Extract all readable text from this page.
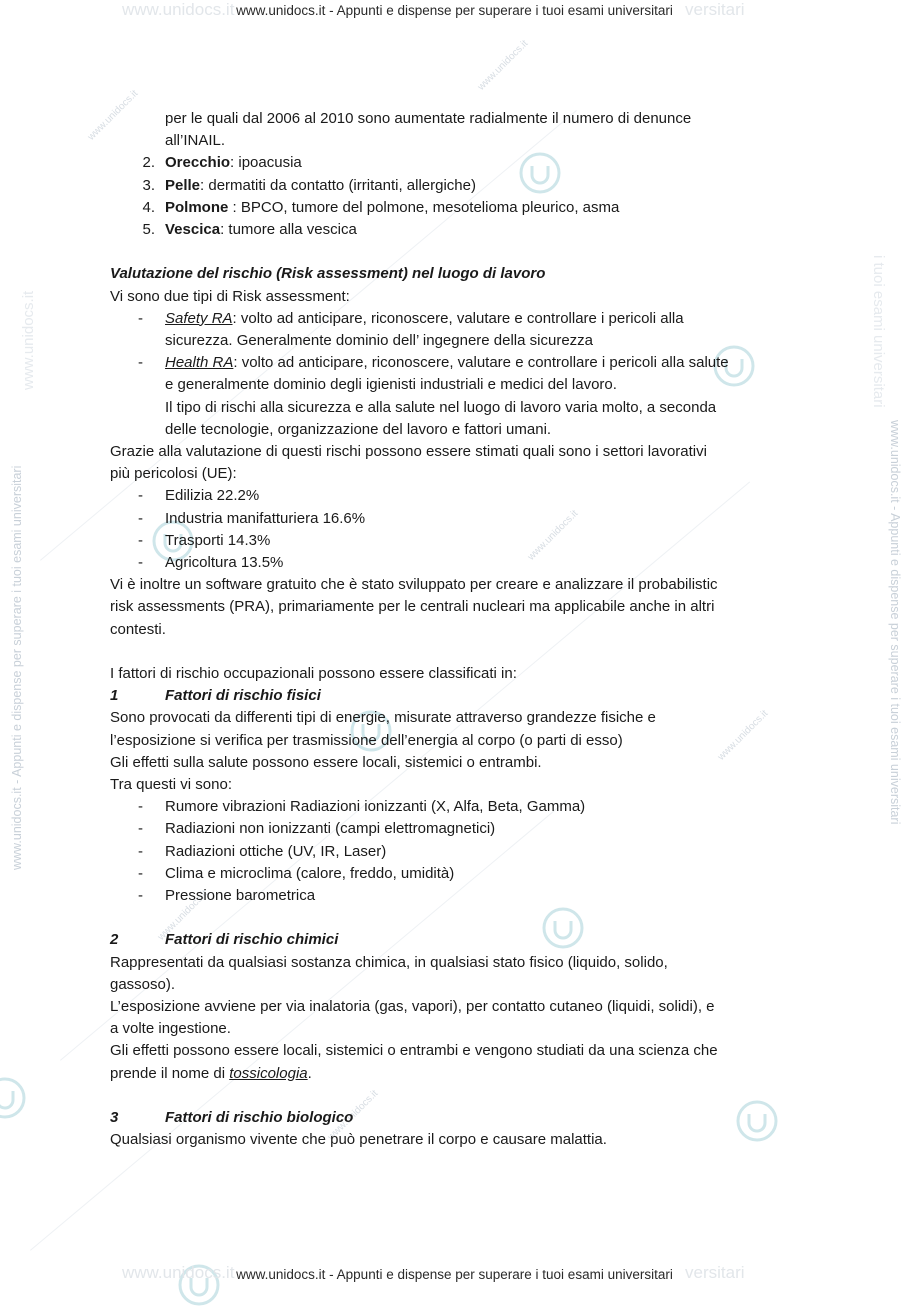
www.unidocs.it	versitari
www.unidocs.it - Appunti e dispense per superare i tuoi esami universitari
www.unidocs.it	i tuoi esami universitari
www.unidocs.it - Appunti e dispense per superare i tuoi esami universitari	www.unidocs.it - Appunti e dispense per superare i tuoi esami universitari
www.unidocs.it
www.unidocs.it
www.unidocs.it
www.unidocs.it
www.unidocs.it
www.unidocs.it
per le quali dal 2006 al 2010 sono aumentate radialmente il numero di denunce
all’INAIL.
2. Orecchio: ipoacusia
3. Pelle: dermatiti da contatto (irritanti, allergiche)
4. Polmone : BPCO, tumore del polmone, mesotelioma pleurico, asma
5. Vescica: tumore alla vescica
Valutazione del rischio (Risk assessment) nel luogo di lavoro
Vi sono due tipi di Risk assessment:
-	Safety RA: volto ad anticipare, riconoscere, valutare e controllare i pericoli alla
sicurezza. Generalmente dominio dell’ ingegnere della sicurezza
-	Health RA: volto ad anticipare, riconoscere, valutare e controllare i pericoli alla salute
e generalmente dominio degli igienisti industriali e medici del lavoro.
Il tipo di rischi alla sicurezza e alla salute nel luogo di lavoro varia molto, a seconda
delle tecnologie, organizzazione del lavoro e fattori umani.
Grazie alla valutazione di questi rischi possono essere stimati quali sono i settori lavorativi
più pericolosi (UE):
-	Edilizia 22.2%
-	Industria manifatturiera 16.6%
-	Trasporti 14.3%
-	Agricoltura 13.5%
Vi è inoltre un software gratuito che è stato sviluppato per creare e analizzare il probabilistic
risk assessments (PRA), primariamente per le centrali nucleari ma applicabile anche in altri
contesti.
I fattori di rischio occupazionali possono essere classificati in:
1	Fattori di rischio fisici
Sono provocati da differenti tipi di energie, misurate attraverso grandezze fisiche e
l’esposizione si verifica per trasmissione dell’energia al corpo (o parti di esso)
Gli effetti sulla salute possono essere locali, sistemici o entrambi.
Tra questi vi sono:
-	Rumore vibrazioni Radiazioni ionizzanti (X, Alfa, Beta, Gamma)
-	Radiazioni non ionizzanti (campi elettromagnetici)
-	Radiazioni ottiche (UV, IR, Laser)
-	Clima e microclima (calore, freddo, umidità)
-	Pressione barometrica
2	Fattori di rischio chimici
Rappresentati da qualsiasi sostanza chimica, in qualsiasi stato fisico (liquido, solido,
gassoso).
L’esposizione avviene per via inalatoria (gas, vapori), per contatto cutaneo (liquidi, solidi), e
a volte ingestione.
Gli effetti possono essere locali, sistemici o entrambi e vengono studiati da una scienza che
prende il nome di tossicologia.
3	Fattori di rischio biologico
Qualsiasi organismo vivente che può penetrare il corpo e causare malattia.
www.unidocs.it	versitari
www.unidocs.it - Appunti e dispense per superare i tuoi esami universitari
